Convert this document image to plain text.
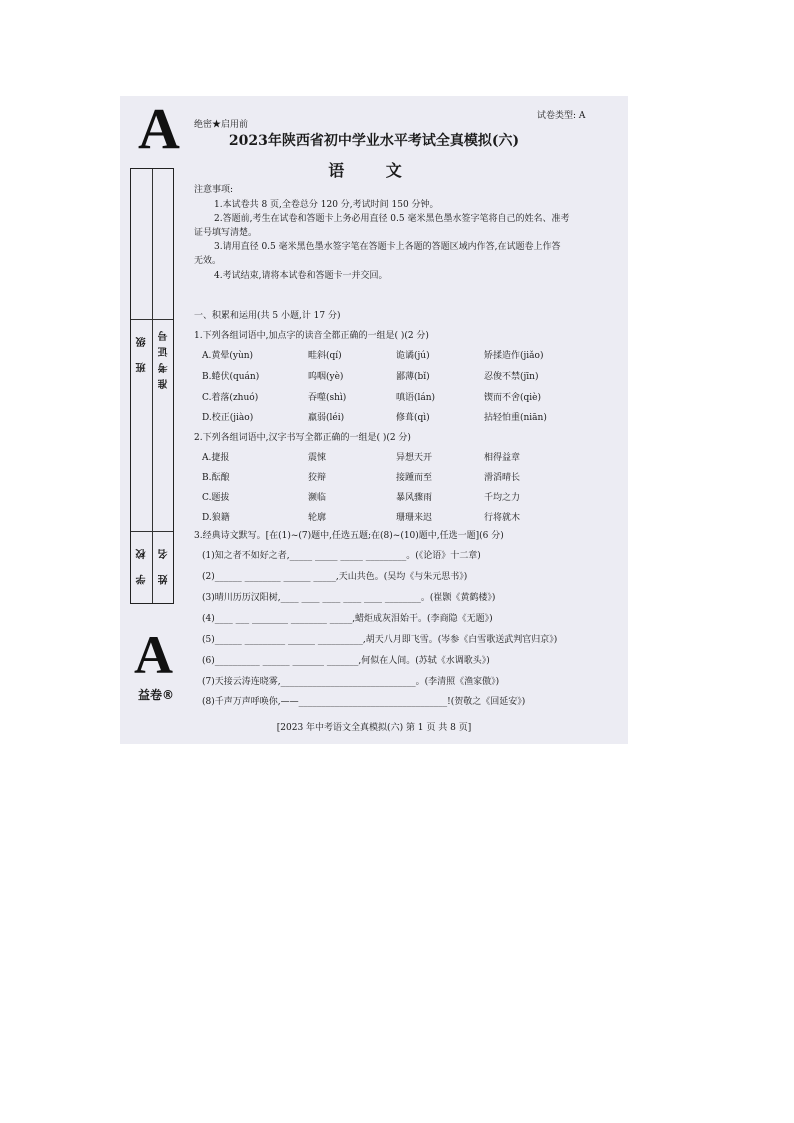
A
A
益卷®
绝密★启用前
试卷类型: A
2023年陕西省初中学业水平考试全真模拟(六)
语 文
班 级 准考证号
学 校 姓 名
注意事项:
1.本试卷共 8 页,全卷总分 120 分,考试时间 150 分钟。
2.答题前,考生在试卷和答题卡上务必用直径 0.5 毫米黑色墨水签字笔将自己的姓名、准考
证号填写清楚。
3.请用直径 0.5 毫米黑色墨水签字笔在答题卡上各题的答题区域内作答,在试题卷上作答
无效。
4.考试结束,请将本试卷和答题卡一并交回。
一、积累和运用(共 5 小题,计 17 分)
1.下列各组词语中,加点字的读音全都正确的一组是( )(2 分)
A.黄晕(yùn)	畦斜(qí)	诡谲(jú)	矫揉造作(jiǎo)
B.蜷伏(quán)	呜咽(yè)	鄙薄(bǐ)	忍俊不禁(jīn)
C.着落(zhuó)	吞噬(shì)	嗔语(lán)	锲而不舍(qiè)
D.校正(jiào)	羸弱(léi)	修葺(qì)	拈轻怕重(niān)
2.下列各组词语中,汉字书写全都正确的一组是( )(2 分)
A.捷报	震悚	异想天开	相得益章
B.酝酿	狡辩	接踵而至	滑滔晴长
C.题拔	濒临	暴风骤雨	千均之力
D.狼籍	轮廓	珊珊来迟	行将就木
3.经典诗文默写。[在(1)~(7)题中,任选五题;在(8)~(10)题中,任选一题](6 分)
(1)知之者不如好之者,_____ _____ _____ _________。(《论语》十二章)
(2)______ ________ ______ _____,天山共色。(吴均《与朱元思书》)
(3)晴川历历汉阳树,____ ____ ____ ____ ____ ________。(崔颢《黄鹤楼》)
(4)____ ___ ________ ________ _____,蜡炬成灰泪始干。(李商隐《无题》)
(5)______ _________ ______ __________,胡天八月即飞雪。(岑参《白雪歌送武判官归京》)
(6)__________ ______ _______ _______,何似在人间。(苏轼《水调歌头》)
(7)天接云涛连晓雾,______________________________。(李清照《渔家傲》)
(8)千声万声呼唤你,——_________________________________!(贺敬之《回延安》)
[2023 年中考语文全真模拟(六) 第 1 页 共 8 页]
